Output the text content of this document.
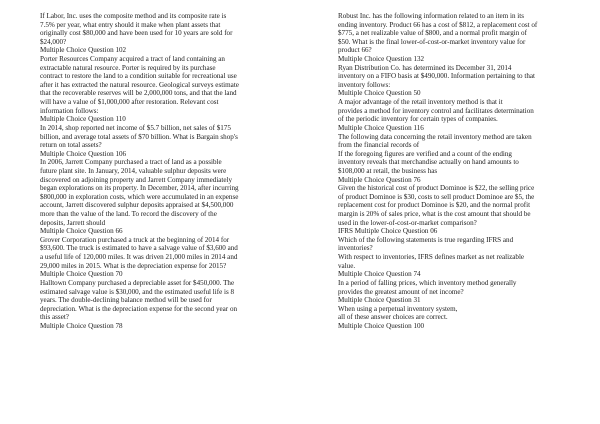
If Labor, Inc. uses the composite method and its composite rate is
7.5% per year, what entry should it make when plant assets that
originally cost $80,000 and have been used for 10 years are sold for
$24,000?
Multiple Choice Question 102
Porter Resources Company acquired a tract of land containing an
extractable natural resource. Porter is required by its purchase
contract to restore the land to a condition suitable for recreational use
after it has extracted the natural resource. Geological surveys estimate
that the recoverable reserves will be 2,000,000 tons, and that the land
will have a value of $1,000,000 after restoration. Relevant cost
information follows:
Multiple Choice Question 110
In 2014, shop reported net income of $5.7 billion, net sales of $175
billion, and average total assets of $70 billion. What is Bargain shop's
return on total assets?
Multiple Choice Question 106
In 2006, Jarrett Company purchased a tract of land as a possible
future plant site. In January, 2014, valuable sulphur deposits were
discovered on adjoining property and Jarrett Company immediately
began explorations on its property. In December, 2014, after incurring
$800,000 in exploration costs, which were accumulated in an expense
account, Jarrett discovered sulphur deposits appraised at $4,500,000
more than the value of the land. To record the discovery of the
deposits, Jarrett should
Multiple Choice Question 66
Grover Corporation purchased a truck at the beginning of 2014 for
$93,600. The truck is estimated to have a salvage value of $3,600 and
a useful life of 120,000 miles. It was driven 21,000 miles in 2014 and
29,000 miles in 2015. What is the depreciation expense for 2015?
Multiple Choice Question 70
Halltown Company purchased a depreciable asset for $450,000. The
estimated salvage value is $30,000, and the estimated useful life is 8
years. The double-declining balance method will be used for
depreciation. What is the depreciation expense for the second year on
this asset?
Multiple Choice Question 78
Robust Inc. has the following information related to an item in its
ending inventory. Product 66 has a cost of $812, a replacement cost of
$775, a net realizable value of $800, and a normal profit margin of
$50. What is the final lower-of-cost-or-market inventory value for
product 66?
Multiple Choice Question 132
Ryan Distribution Co. has determined its December 31, 2014
inventory on a FIFO basis at $490,000. Information pertaining to that
inventory follows:
Multiple Choice Question 50
A major advantage of the retail inventory method is that it
provides a method for inventory control and facilitates determination
of the periodic inventory for certain types of companies.
Multiple Choice Question 116
The following data concerning the retail inventory method are taken
from the financial records of
If the foregoing figures are verified and a count of the ending
inventory reveals that merchandise actually on hand amounts to
$108,000 at retail, the business has
Multiple Choice Question 76
Given the historical cost of product Dominoe is $22, the selling price
of product Dominoe is $30, costs to sell product Dominoe are $5, the
replacement cost for product Dominoe is $20, and the normal profit
margin is 20% of sales price, what is the cost amount that should be
used in the lower-of-cost-or-market comparison?
IFRS Multiple Choice Question 06
Which of the following statements is true regarding IFRS and
inventories?
With respect to inventories, IFRS defines market as net realizable
value.
Multiple Choice Question 74
In a period of falling prices, which inventory method generally
provides the greatest amount of net income?
Multiple Choice Question 31
When using a perpetual inventory system,
all of these answer choices are correct.
Multiple Choice Question 100
